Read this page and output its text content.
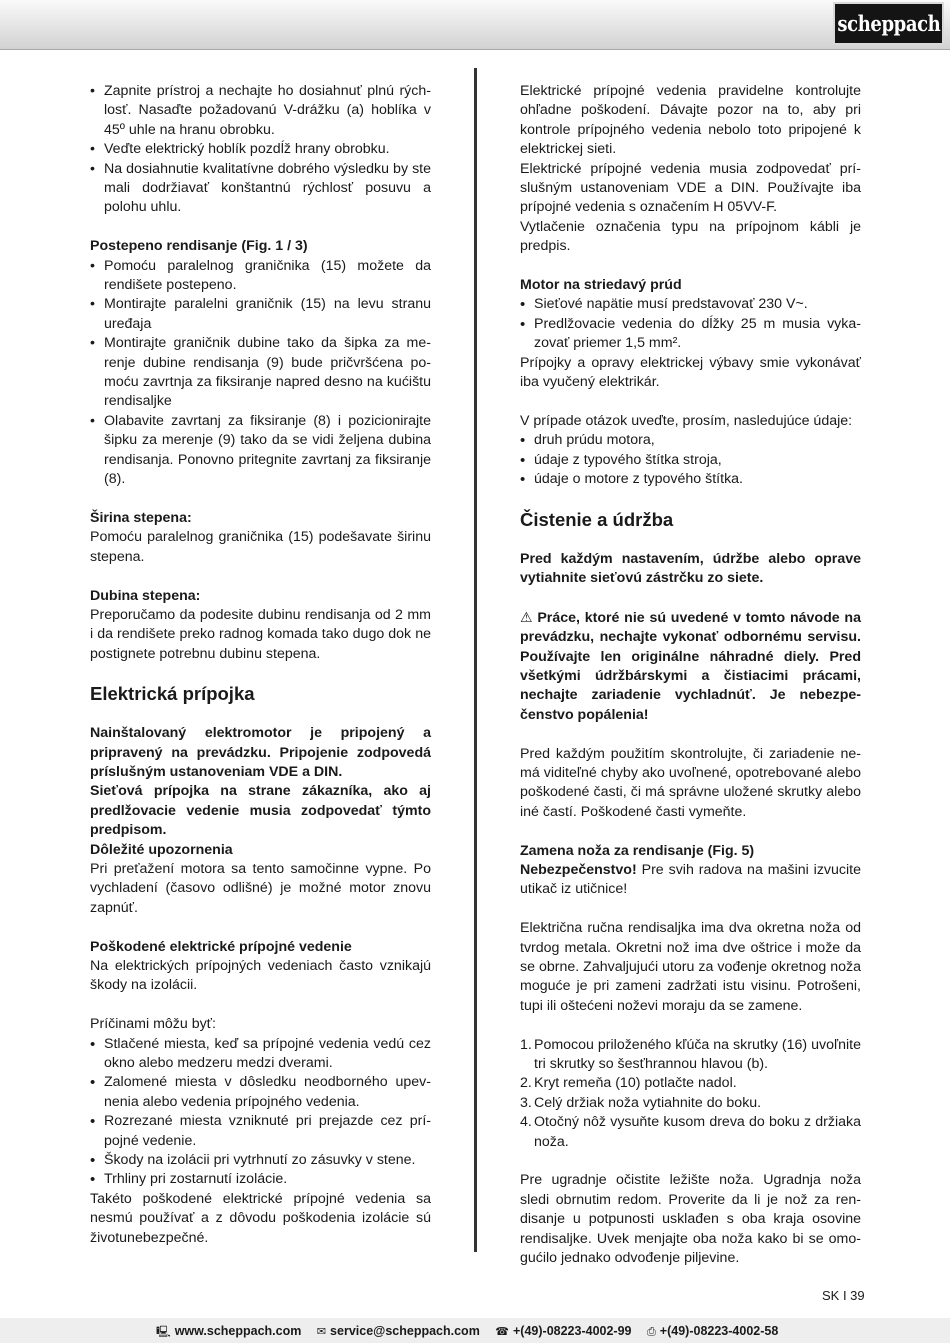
scheppach
• Zapnite prístroj a nechajte ho dosiahnuť plnú rýchlosť. Nasaďte požadovanú V-drážku (a) hoblíka v 45º uhle na hranu obrobku.
• Veďte elektrický hoblík pozdĺž hrany obrobku.
• Na dosiahnutie kvalitatívne dobrého výsledku by ste mali dodržiavať konštantnú rýchlosť posuvu a polohu uhlu.

Postepeno rendisanje (Fig. 1 / 3)

• Pomoću paralelnog graničnika (15) možete da rendišete postepeno.
• Montirajte paralelni graničnik (15) na levu stranu uređaja
• Montirajte graničnik dubine tako da šipka za merenje dubine rendisanja (9) bude pričvršćena pomoću zavrtnja za fiksiranje napred desno na kućištu rendisaljke
• Olabavite zavrtanj za fiksiranje (8) i pozicionirajte šipku za merenje (9) tako da se vidi željena dubina rendisanja. Ponovno pritegnite zavrtanj za fiksiranje (8).

Širina stepena:

Pomoću paralelnog graničnika (15) podešavate širinu stepena.

Dubina stepena:

Preporučamo da podesite dubinu rendisanja od 2 mm i da rendišete preko radnog komada tako dugo dok ne postignete potrebnu dubinu stepena.

Elektrická prípojka

Nainštalovaný elektromotor je pripojený a pripravený na prevádzku. Pripojenie zodpovedá príslušným ustanoveniam VDE a DIN.

Sieťová prípojka na strane zákazníka, ako aj predlžovacie vedenie musia zodpovedať týmto predpisom.

Dôležité upozornenia

Pri preťažení motora sa tento samočinne vypne. Po vychladení (časovo odlišné) je možné motor znovu zapnúť.

Poškodené elektrické prípojné vedenie

Na elektrických prípojných vedeniach často vznikajú škody na izolácii.

Príčinami môžu byť:

• Stlačené miesta, keď sa prípojné vedenia vedú cez okno alebo medzeru medzi dverami.
• Zalomené miesta v dôsledku neodborného upevnenia alebo vedenia prípojného vedenia.
• Rozrezané miesta vzniknuté pri prejazde cez prípojné vedenie.
• Škody na izolácii pri vytrhnutí zo zásuvky v stene.
• Trhliny pri zostarnutí izolácie.

Takéto poškodené elektrické prípojné vedenia sa nesmú používať a z dôvodu poškodenia izolácie sú životunebezpečné.

Elektrické prípojné vedenia pravidelne kontrolujte ohľadne poškodení. Dávajte pozor na to, aby pri kontrole prípojného vedenia nebolo toto pripojené k elektrickej sieti.

Elektrické prípojné vedenia musia zodpovedať príslušným ustanoveniam VDE a DIN. Používajte iba prípojné vedenia s označením H 05VV-F.

Vytlačenie označenia typu na prípojnom kábli je predpis.

Motor na striedavý prúd

• Sieťové napätie musí predstavovať 230 V~.
• Predlžovacie vedenia do dĺžky 25 m musia vykazovať priemer 1,5 mm².

Prípojky a opravy elektrickej výbavy smie vykonávať iba vyučený elektrikár.

V prípade otázok uveďte, prosím, nasledujúce údaje:

• druh prúdu motora,
• údaje z typového štítka stroja,
• údaje o motore z typového štítka.

Čistenie a údržba

Pred každým nastavením, údržbe alebo oprave vytiahnite sieťovú zástrčku zo siete.

⚠ Práce, ktoré nie sú uvedené v tomto návode na prevádzku, nechajte vykonať odbornému servisu. Používajte len originálne náhradné diely. Pred všetkými údržbárskymi a čistiacimi prácami, nechajte zariadenie vychladnúť. Je nebezpečenstvo popálenia!

Pred každým použitím skontrolujte, či zariadenie nemá viditeľné chyby ako uvoľnené, opotrebované alebo poškodené časti, či má správne uložené skrutky alebo iné častí. Poškodené časti vymeňte.

Zamena noža za rendisanje (Fig. 5)

Nebezpečenstvo! Pre svih radova na mašini izvucite utikač iz utičnice!

Električna ručna rendisaljka ima dva okretna noža od tvrdog metala. Okretni nož ima dve oštrice i može da se obrne. Zahvaljujući utoru za vođenje okretnog noža moguće je pri zameni zadržati istu visinu. Potrošeni, tupi ili oštećeni noževi moraju da se zamene.

1. Pomocou priloženého kľúča na skrutky (16) uvoľnite tri skrutky so šesťhrannou hlavou (b).
2. Kryt remeňa (10) potlačte nadol.
3. Celý držiak noža vytiahnite do boku.
4. Otočný nôž vysuňte kusom dreva do boku z držiaka noža.

Pre ugradnje očistite ležište noža. Ugradnja noža sledi obrnutim redom. Proverite da li je nož za rendisanje u potpunosti usklađen s oba kraja osovine rendisaljke. Uvek menjajte oba noža kako bi se omogućilo jednako odvođenje piljevine.

SK I 39
🖳 www.scheppach.com ✉ service@scheppach.com ☎ +(49)-08223-4002-99 ⎙ +(49)-08223-4002-58
